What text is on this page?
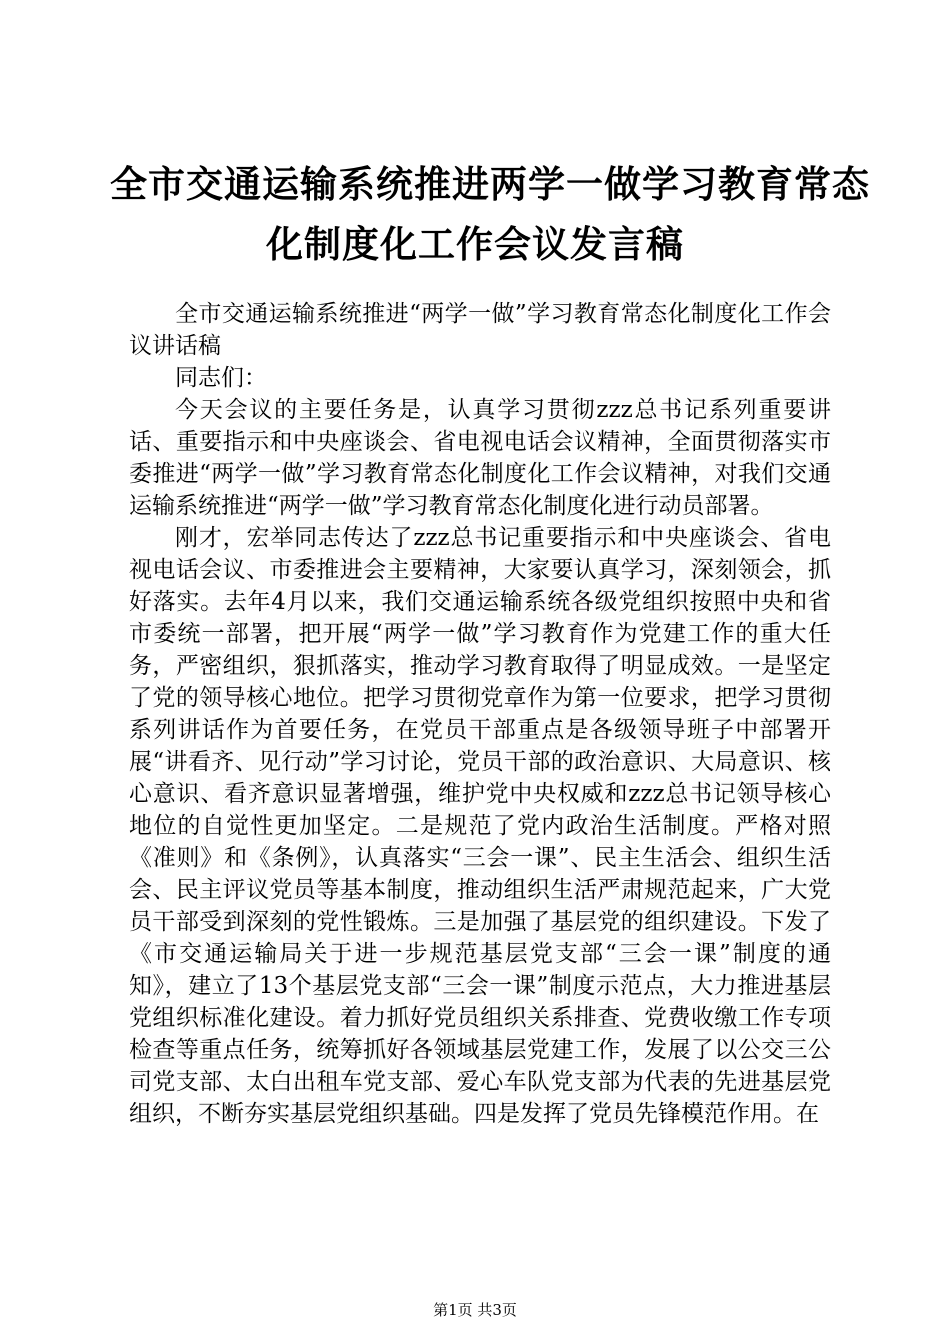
全市交通运输系统推进两学一做学习教育常态
化制度化工作会议发言稿

全市交通运输系统推进“两学一做”学习教育常态化制度化工作会议讲话稿

同志们：

今天会议的主要任务是，认真学习贯彻zzz总书记系列重要讲话、重要指示和中央座谈会、省电视电话会议精神，全面贯彻落实市委推进“两学一做”学习教育常态化制度化工作会议精神，对我们交通运输系统推进“两学一做”学习教育常态化制度化进行动员部署。

刚才，宏举同志传达了zzz总书记重要指示和中央座谈会、省电视电话会议、市委推进会主要精神，大家要认真学习，深刻领会，抓好落实。去年4月以来，我们交通运输系统各级党组织按照中央和省市委统一部署，把开展“两学一做”学习教育作为党建工作的重大任务，严密组织，狠抓落实，推动学习教育取得了明显成效。一是坚定了党的领导核心地位。把学习贯彻党章作为第一位要求，把学习贯彻系列讲话作为首要任务，在党员干部重点是各级领导班子中部署开展“讲看齐、见行动”学习讨论，党员干部的政治意识、大局意识、核心意识、看齐意识显著增强，维护党中央权威和zzz总书记领导核心地位的自觉性更加坚定。二是规范了党内政治生活制度。严格对照《准则》和《条例》，认真落实“三会一课”、民主生活会、组织生活会、民主评议党员等基本制度，推动组织生活严肃规范起来，广大党员干部受到深刻的党性锻炼。三是加强了基层党的组织建设。下发了《市交通运输局关于进一步规范基层党支部“三会一课”制度的通知》，建立了13个基层党支部“三会一课”制度示范点，大力推进基层党组织标准化建设。着力抓好党员组织关系排查、党费收缴工作专项检查等重点任务，统筹抓好各领域基层党建工作，发展了以公交三公司党支部、太白出租车党支部、爱心车队党支部为代表的先进基层党组织，不断夯实基层党组织基础。四是发挥了党员先锋模范作用。在

第1页 共3页
